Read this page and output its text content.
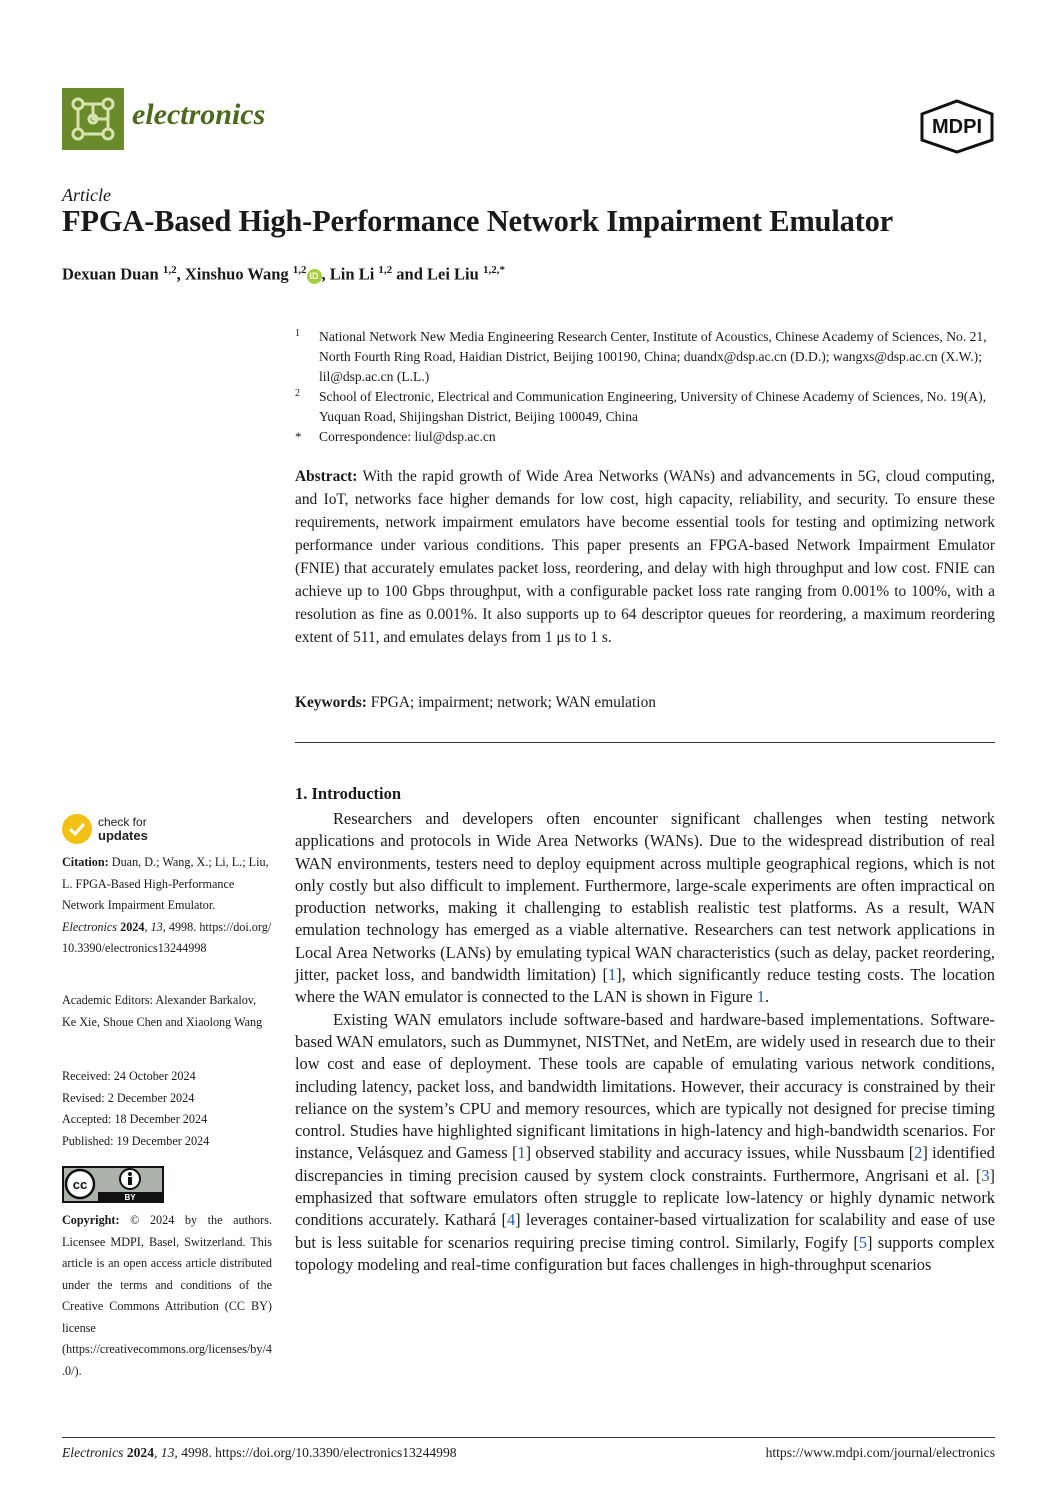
electronics	MDPI
Article
FPGA-Based High-Performance Network Impairment Emulator
Dexuan Duan $^{1,2}$, Xinshuo Wang $^{1,2}$ iD , Lin Li $^{1,2}$ and Lei Liu $^{1,2,*}$
1	National Network New Media Engineering Research Center, Institute of Acoustics, Chinese Academy of Sciences, No. 21, North Fourth Ring Road, Haidian District, Beijing 100190, China; duandx@dsp.ac.cn (D.D.); wangxs@dsp.ac.cn (X.W.); lil@dsp.ac.cn (L.L.)
2	School of Electronic, Electrical and Communication Engineering, University of Chinese Academy of Sciences, No. 19(A), Yuquan Road, Shijingshan District, Beijing 100049, China
*	Correspondence: liul@dsp.ac.cn
Abstract: With the rapid growth of Wide Area Networks (WANs) and advancements in 5G, cloud computing, and IoT, networks face higher demands for low cost, high capacity, reliability, and security. To ensure these requirements, network impairment emulators have become essential tools for testing and optimizing network performance under various conditions. This paper presents an FPGA-based Network Impairment Emulator (FNIE) that accurately emulates packet loss, reordering, and delay with high throughput and low cost. FNIE can achieve up to 100 Gbps throughput, with a configurable packet loss rate ranging from 0.001% to 100%, with a resolution as fine as 0.001%. It also supports up to 64 descriptor queues for reordering, a maximum reordering extent of 511, and emulates delays from 1 μs to 1 s.
Keywords: FPGA; impairment; network; WAN emulation
1. Introduction

Researchers and developers often encounter significant challenges when testing network applications and protocols in Wide Area Networks (WANs). Due to the widespread distribution of real WAN environments, testers need to deploy equipment across multiple geographical regions, which is not only costly but also difficult to implement. Furthermore, large-scale experiments are often impractical on production networks, making it challenging to establish realistic test platforms. As a result, WAN emulation technology has emerged as a viable alternative. Researchers can test network applications in Local Area Networks (LANs) by emulating typical WAN characteristics (such as delay, packet reordering, jitter, packet loss, and bandwidth limitation) [1], which significantly reduce testing costs. The location where the WAN emulator is connected to the LAN is shown in Figure 1.

Existing WAN emulators include software-based and hardware-based implementations. Software-based WAN emulators, such as Dummynet, NISTNet, and NetEm, are widely used in research due to their low cost and ease of deployment. These tools are capable of emulating various network conditions, including latency, packet loss, and bandwidth limitations. However, their accuracy is constrained by their reliance on the system’s CPU and memory resources, which are typically not designed for precise timing control. Studies have highlighted significant limitations in high-latency and high-bandwidth scenarios. For instance, Velásquez and Gamess [1] observed stability and accuracy issues, while Nussbaum [2] identified discrepancies in timing precision caused by system clock constraints. Furthermore, Angrisani et al. [3] emphasized that software emulators often struggle to replicate low-latency or highly dynamic network conditions accurately. Kathará [4] leverages container-based virtualization for scalability and ease of use but is less suitable for scenarios requiring precise timing control. Similarly, Fogify [5] supports complex topology modeling and real-time configuration but faces challenges in high-throughput scenarios

check for
updates
Citation: Duan, D.; Wang, X.; Li, L.; Liu, L. FPGA-Based High-Performance Network Impairment Emulator. Electronics 2024, 13, 4998. https://doi.org/10.3390/electronics13244998
Academic Editors: Alexander Barkalov, Ke Xie, Shoue Chen and Xiaolong Wang
Received: 24 October 2024
Revised: 2 December 2024
Accepted: 18 December 2024
Published: 19 December 2024
cc
BY
Copyright: © 2024 by the authors. Licensee MDPI, Basel, Switzerland. This article is an open access article distributed under the terms and conditions of the Creative Commons Attribution (CC BY) license (https://creativecommons.org/licenses/by/4.0/).
Electronics 2024, 13, 4998. https://doi.org/10.3390/electronics13244998	https://www.mdpi.com/journal/electronics
